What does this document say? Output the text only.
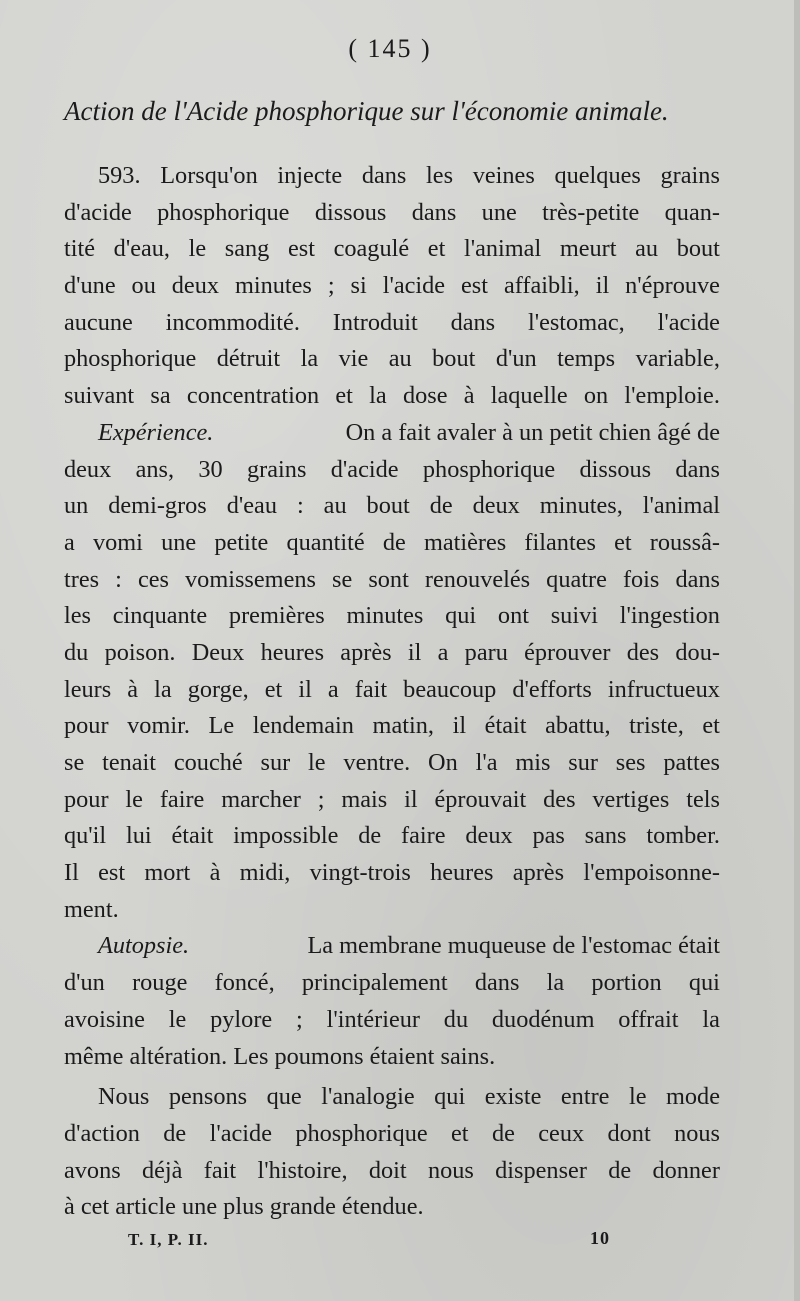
( 145 )
Action de l'Acide phosphorique sur l'économie animale.
593. Lorsqu'on injecte dans les veines quelques grains
d'acide phosphorique dissous dans une très-petite quan-
tité d'eau, le sang est coagulé et l'animal meurt au bout
d'une ou deux minutes ; si l'acide est affaibli, il n'éprouve
aucune incommodité. Introduit dans l'estomac, l'acide
phosphorique détruit la vie au bout d'un temps variable,
suivant sa concentration et la dose à laquelle on l'emploie.
Expérience.	On a fait avaler à un petit chien âgé de
deux ans, 30 grains d'acide phosphorique dissous dans
un demi-gros d'eau : au bout de deux minutes, l'animal
a vomi une petite quantité de matières filantes et roussâ-
tres : ces vomissemens se sont renouvelés quatre fois dans
les cinquante premières minutes qui ont suivi l'ingestion
du poison. Deux heures après il a paru éprouver des dou-
leurs à la gorge, et il a fait beaucoup d'efforts infructueux
pour vomir. Le lendemain matin, il était abattu, triste, et
se tenait couché sur le ventre. On l'a mis sur ses pattes
pour le faire marcher ; mais il éprouvait des vertiges tels
qu'il lui était impossible de faire deux pas sans tomber.
Il est mort à midi, vingt-trois heures après l'empoisonne-
ment.
Autopsie.	La membrane muqueuse de l'estomac était
d'un rouge foncé, principalement dans la portion qui
avoisine le pylore ; l'intérieur du duodénum offrait la
même altération. Les poumons étaient sains.
Nous pensons que l'analogie qui existe entre le mode
d'action de l'acide phosphorique et de ceux dont nous
avons déjà fait l'histoire, doit nous dispenser de donner
à cet article une plus grande étendue.
T. I, P. II.	10
